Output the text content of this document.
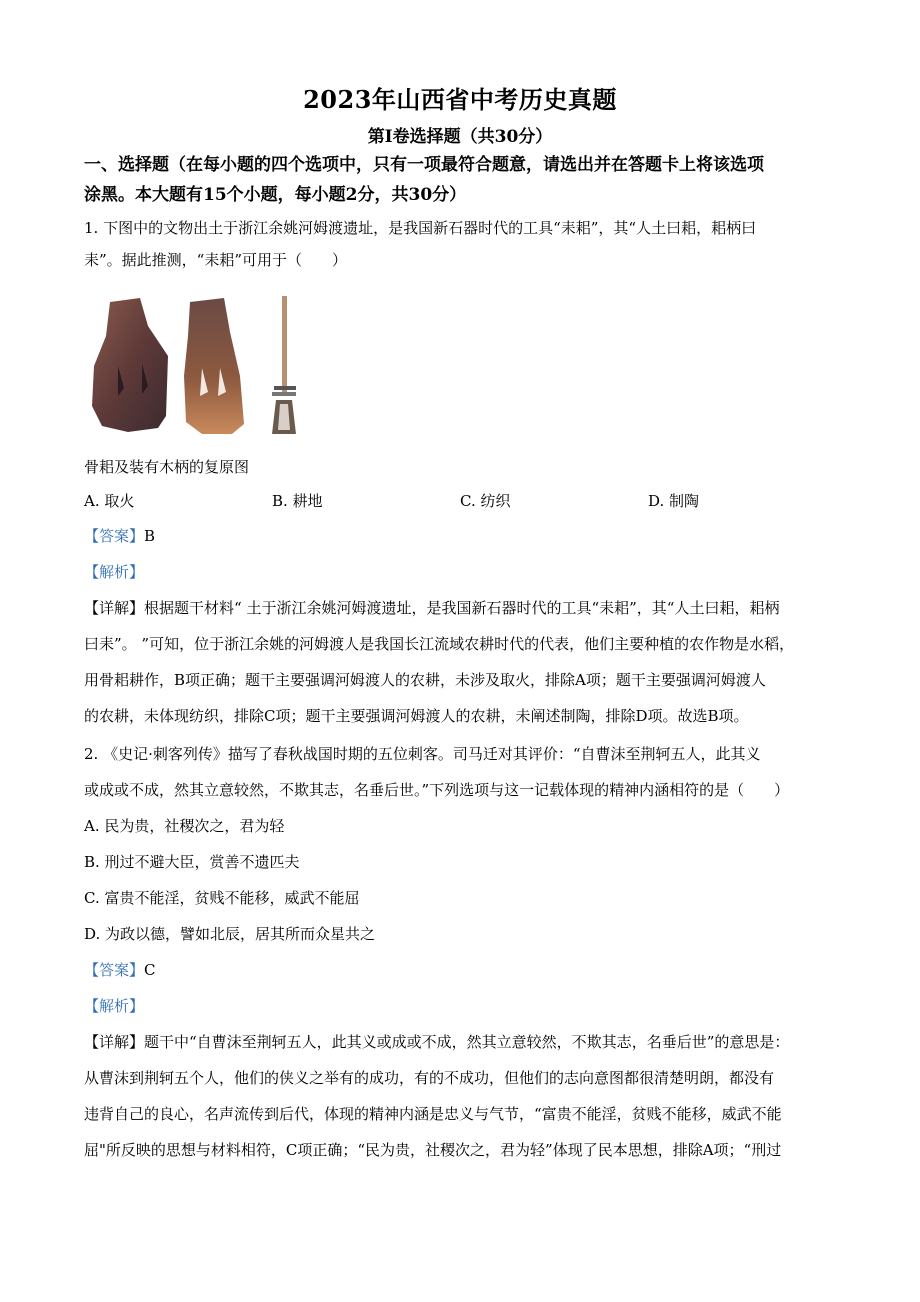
2023年山西省中考历史真题
第I卷选择题（共30分）
一、选择题（在每小题的四个选项中，只有一项最符合题意，请选出并在答题卡上将该选项
涂黑。本大题有15个小题，每小题2分，共30分）
1. 下图中的文物出土于浙江余姚河姆渡遗址，是我国新石器时代的工具“耒耜”，其“人土曰耜，耜柄曰
耒”。据此推测，“耒耜”可用于（　　）
骨耜及装有木柄的复原图
A. 取火	B. 耕地	C. 纺织	D. 制陶
【答案】B
【解析】
【详解】根据题干材料“ 土于浙江余姚河姆渡遗址，是我国新石器时代的工具“耒耜”，其“人土曰耜，耜柄
曰耒”。 ”可知，位于浙江余姚的河姆渡人是我国长江流域农耕时代的代表，他们主要种植的农作物是水稻，
用骨耜耕作，B项正确；题干主要强调河姆渡人的农耕，未涉及取火，排除A项；题干主要强调河姆渡人
的农耕，未体现纺织，排除C项；题干主要强调河姆渡人的农耕，未阐述制陶，排除D项。故选B项。
2. 《史记·刺客列传》描写了春秋战国时期的五位刺客。司马迁对其评价：“自曹沫至荆轲五人，此其义
或成或不成，然其立意较然，不欺其志，名垂后世。”下列选项与这一记载体现的精神内涵相符的是（　　）
A. 民为贵，社稷次之，君为轻
B. 刑过不避大臣，赏善不遗匹夫
C. 富贵不能淫，贫贱不能移，威武不能屈
D. 为政以德，譬如北辰，居其所而众星共之
【答案】C
【解析】
【详解】题干中“自曹沫至荆轲五人，此其义或成或不成，然其立意较然，不欺其志，名垂后世”的意思是：
从曹沫到荆轲五个人，他们的侠义之举有的成功，有的不成功，但他们的志向意图都很清楚明朗，都没有
违背自己的良心，名声流传到后代，体现的精神内涵是忠义与气节，“富贵不能淫，贫贱不能移，威武不能
屈"所反映的思想与材料相符，C项正确；“民为贵，社稷次之，君为轻”体现了民本思想，排除A项；“刑过
